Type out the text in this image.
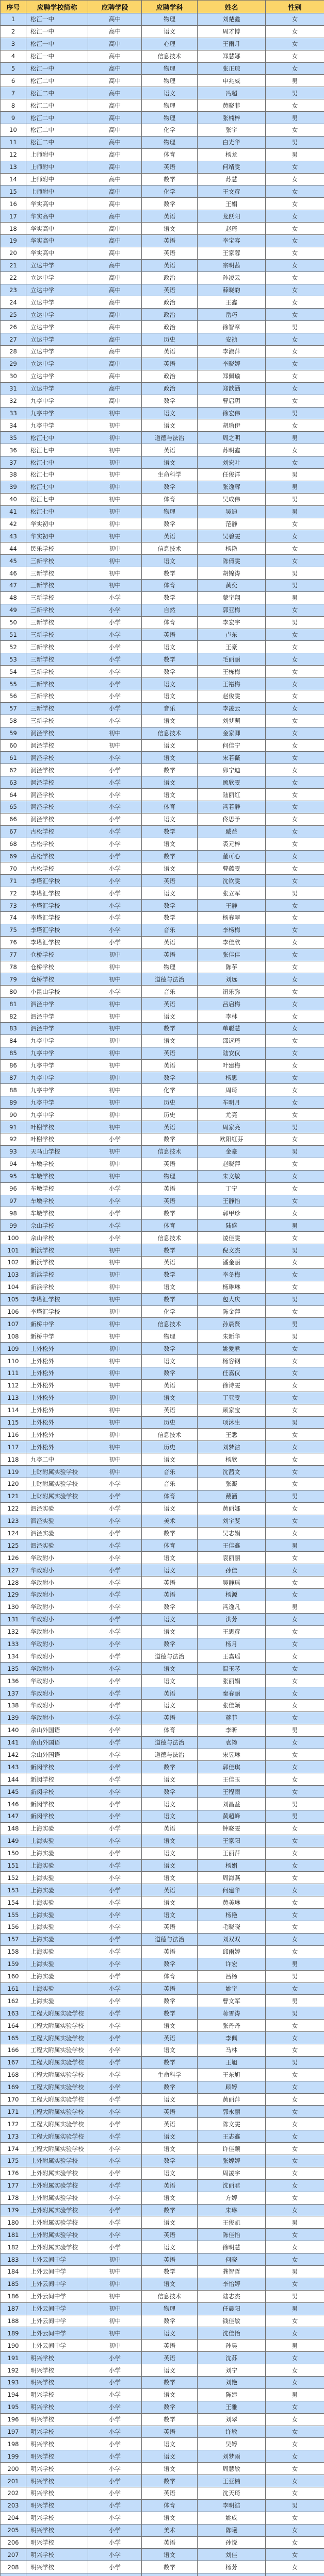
序号	应聘学校简称	应聘学段	应聘学科	姓名	性别
1	松江一中	高中	物理	刘楚鑫	女
2	松江一中	高中	语文	周才博	女
3	松江一中	高中	心理	王雨月	女
4	松江一中	高中	信息技术	郑慧娜	女
5	松江一中	高中	物理	张正琼	女
6	松江二中	高中	物理	申兆威	男
7	松江二中	高中	语文	冯超	男
8	松江二中	高中	物理	黄晓菲	女
9	松江二中	高中	物理	张楠梓	男
10	松江二中	高中	化学	张宇	女
11	松江二中	高中	物理	白光华	男
12	上师附中	高中	体育	杨龙	男
13	上师附中	高中	英语	何靖雯	女
14	上师附中	高中	数学	苏慧	女
15	上师附中	高中	化学	王文彦	女
16	华实高中	高中	数学	王娟	女
17	华实高中	高中	英语	龙跃阳	女
18	华实高中	高中	语文	赵琦	女
19	华实高中	高中	英语	李宝容	女
20	华实高中	高中	英语	王家蓉	女
21	立达中学	高中	英语	宗明茜	女
22	立达中学	高中	政治	孙凌云	女
23	立达中学	高中	英语	薛晓韵	女
24	立达中学	高中	政治	王鑫	女
25	立达中学	高中	政治	岳巧	女
26	立达中学	高中	政治	徐智章	男
27	立达中学	高中	历史	安祯	女
28	立达中学	高中	英语	李淑萍	女
29	立达中学	高中	英语	李晓婷	女
30	立达中学	高中	政治	郑佩瑜	女
31	立达中学	高中	政治	郑歆涵	女
32	九亭中学	高中	数学	曹启玥	女
33	九亭中学	初中	语文	徐宏伟	男
34	九亭中学	初中	语文	胡瑜伊	女
35	松江七中	初中	道德与法治	周之明	男
36	松江七中	初中	英语	苏明鑫	女
37	松江七中	初中	语文	刘宏叶	女
38	松江七中	初中	生命科学	任俊洋	男
39	松江七中	初中	数学	张逸辉	男
40	松江七中	初中	体育	吴成伟	男
41	松江七中	初中	物理	吴迪	男
42	华实初中	初中	数学	范静	女
43	华实初中	初中	英语	吴碧雯	女
44	民乐学校	初中	信息技术	杨艳	女
45	三新学校	初中	语文	陈倩雯	女
46	三新学校	初中	数学	胡锦涛	男
47	三新学校	初中	体育	黄奕	男
48	三新学校	小学	数学	蒙宇翔	男
49	三新学校	小学	自然	郭亚梅	女
50	三新学校	小学	体育	李宏宇	男
51	三新学校	小学	英语	卢东	女
52	三新学校	小学	语文	王豪	女
53	三新学校	小学	数学	毛丽丽	女
54	三新学校	小学	数学	王栋梅	女
55	三新学校	小学	语文	王裕梅	女
56	三新学校	小学	语文	赵俊雯	女
57	三新学校	小学	音乐	李凌云	女
58	三新学校	小学	语文	刘梦萌	女
59	洞泾学校	初中	信息技术	金家卿	女
60	洞泾学校	初中	语文	何佳宁	女
61	洞泾学校	小学	语文	宋若薇	女
62	洞泾学校	小学	数学	卯宁迪	女
63	洞泾学校	小学	语文	顾欣雯	女
64	洞泾学校	小学	语文	陆丽红	女
65	洞泾学校	小学	体育	冯若静	女
66	洞泾学校	小学	语文	佟思予	女
67	古松学校	小学	数学	臧益	女
68	古松学校	小学	语文	裘元梓	女
69	古松学校	小学	数学	董可心	女
70	古松学校	小学	语文	曹蕴雯	女
71	李塔汇学校	小学	英语	沈钦雯	女
72	李塔汇学校	小学	语文	张立军	男
73	李塔汇学校	小学	数学	王静	女
74	李塔汇学校	小学	数学	杨春翠	女
75	李塔汇学校	小学	音乐	李杨梅	女
76	李塔汇学校	小学	英语	李佳欣	女
77	仓桥学校	初中	英语	张佳佳	女
78	仓桥学校	初中	物理	陈芋	女
79	仓桥学校	初中	道德与法治	刘远	女
80	小昆山学校	小学	音乐	钮乐弥	女
81	泗泾中学	初中	英语	吕启梅	女
82	泗泾中学	初中	语文	李林	女
83	泗泾中学	初中	数学	单聪慧	女
84	九亭中学	初中	语文	邵远琦	女
85	九亭中学	初中	英语	陆安仪	女
86	九亭中学	初中	英语	叶建梅	女
87	九亭中学	初中	数学	杨思	女
88	九亭中学	初中	化学	周琦	女
89	九亭中学	初中	历史	车明月	女
90	九亭中学	初中	历史	尤亮	女
91	叶榭学校	初中	英语	周家亮	男
92	叶榭学校	小学	数学	欧阳红芬	女
93	天马山学校	初中	信息技术	金豪	男
94	车墩学校	初中	英语	赵晓萍	女
95	车墩学校	初中	物理	朱文敏	女
96	车墩学校	小学	英语	丁宁	女
97	车墩学校	小学	英语	王静怡	女
98	车墩学校	小学	数学	郭甲珍	女
99	佘山学校	小学	体育	陆盛	男
100	佘山学校	小学	信息技术	凌佳雯	女
101	新浜学校	初中	数学	倪文杰	男
102	新浜学校	初中	英语	潘金丽	女
103	新浜学校	初中	数学	李冬梅	女
104	新浜学校	初中	语文	杨琳琳	女
105	李塔汇学校	初中	数学	包大庆	男
106	李塔汇学校	初中	化学	陈金萍	女
107	新桥中学	初中	信息技术	孙晨贤	男
108	新桥中学	初中	物理	朱新华	男
109	上外松外	初中	数学	姚爱君	女
110	上外松外	初中	语文	杨容钢	女
111	上外松外	初中	数学	任嘉仪	女
112	上外松外	初中	英语	徐诗雯	女
113	上外松外	初中	语文	丁亚雯	女
114	上外松外	初中	英语	顾家宝	女
115	上外松外	初中	历史	项沐生	男
116	上外松外	初中	信息技术	王悉	女
117	上外松外	初中	历史	刘梦洁	女
118	九亭二中	初中	语文	杨欣	女
119	上财附属实验学校	初中	音乐	沈茜文	女
120	上财附属实验学校	小学	音乐	张凝	女
121	上财附属实验学校	小学	体育	戴涵	男
122	泗泾实验	小学	语文	黄丽娜	女
123	泗泾实验	小学	美术	刘宇斐	女
124	泗泾实验	小学	数学	吴志娟	女
125	泗泾实验	小学	体育	王佳鑫	男
126	华政附小	小学	语文	袁丽丽	女
127	华政附小	小学	语文	孙佳	女
128	华政附小	小学	英语	吴静瑶	女
129	华政附小	小学	英语	杨源	女
130	华政附小	小学	数学	冯逸凡	男
131	华政附小	小学	语文	洪芳	女
132	华政附小	小学	语文	王思彦	女
133	华政附小	小学	数学	杨月	女
134	华政附小	小学	道德与法治	王嘉瑶	女
135	华政附小	小学	语文	温玉琴	女
136	华政附小	小学	语文	张丽娟	女
137	华政附小	小学	英语	秦春丽	女
138	华政附小	小学	语文	张佳颖	女
139	华政附小	小学	英语	蒋菲	女
140	佘山外国语	小学	体育	李昕	男
141	佘山外国语	小学	道德与法治	袁筠	女
142	佘山外国语	小学	道德与法治	宋昱琳	女
143	新闵学校	小学	数学	郭佳琪	女
144	新闵学校	小学	语文	王佳玉	女
145	新闵学校	小学	数学	王程雨	女
146	新闵学校	小学	语文	刘昌益	男
147	新闵学校	小学	语文	黄超峰	男
148	上海实验	小学	英语	钟晓雯	女
149	上海实验	小学	语文	王家阳	女
150	上海实验	小学	语文	王丽萍	女
151	上海实验	小学	语文	杨娟	女
152	上海实验	小学	语文	周海燕	女
153	上海实验	小学	英语	何建华	女
154	上海实验	小学	语文	黄美琳	女
155	上海实验	小学	语文	杨艳	女
156	上海实验	小学	英语	毛晓晓	女
157	上海实验	小学	道德与法治	刘双双	女
158	上海实验	小学	英语	邱雨婷	女
159	上海实验	小学	数学	许宏	男
160	上海实验	小学	体育	吕杨	男
161	上海实验	小学	英语	姚宇	女
162	上海实验	小学	数学	曹文军	男
163	工程大附属实验学校	小学	数学	蒋雪涛	男
164	工程大附属实验学校	小学	语文	张丹丹	女
165	工程大附属实验学校	小学	英语	李佩	女
166	工程大附属实验学校	小学	语文	马林	女
167	工程大附属实验学校	小学	数学	王旭	男
168	工程大附属实验学校	小学	生命科学	王东旭	女
169	工程大附属实验学校	小学	数学	顾婷	女
170	工程大附属实验学校	小学	语文	黄丽萍	女
171	工程大附属实验学校	小学	英语	郭永丽	女
172	工程大附属实验学校	小学	英语	陈文雯	女
173	工程大附属实验学校	小学	语文	王志鑫	女
174	工程大附属实验学校	小学	语文	许佳颖	女
175	上外附属实验学校	小学	数学	张婷婷	女
176	上外附属实验学校	小学	语文	周凌宇	女
177	上外附属实验学校	小学	英语	沈丽君	女
178	上外附属实验学校	小学	语文	方婷	女
179	上外附属实验学校	小学	数学	朱琳	女
180	上外附属实验学校	小学	语文	王俊凯	男
181	上外附属实验学校	小学	英语	陈佳怡	女
182	上外附属实验学校	小学	语文	徐明慧	女
183	上外云间中学	初中	英语	何晓	女
184	上外云间中学	初中	数学	龚智哲	男
185	上外云间中学	初中	语文	李怡婷	女
186	上外云间中学	初中	信息技术	陆志杰	男
187	上外云间中学	初中	物理	任晨阳	男
188	上外云间中学	初中	数学	钱佳敏	女
189	上外云间中学	初中	语文	沈佳怡	女
190	上外云间中学	初中	英语	孙昊	男
191	明兴学校	小学	英语	沈苏	女
192	明兴学校	小学	语文	刘宁	女
193	明兴学校	小学	数学	刘艳	女
194	明兴学校	小学	语文	陈建	男
195	明兴学校	小学	数学	王雅	女
196	明兴学校	小学	数学	刘翠	女
197	明兴学校	小学	英语	许敏	女
198	明兴学校	小学	语文	吴婷	女
199	明兴学校	小学	语文	刘梦雨	女
200	明兴学校	小学	语文	周慧敏	女
201	明兴学校	小学	数学	王亚楠	女
202	明兴学校	小学	英语	沈天琦	女
203	明兴学校	小学	体育	李明浩	男
204	明兴学校	小学	语文	姚成	女
205	明兴学校	小学	美术	陈曦	女
206	明兴学校	小学	英语	孙悦	女
207	明兴学校	小学	语文	刘佳	女
208	明兴学校	小学	数学	杨芳	女
